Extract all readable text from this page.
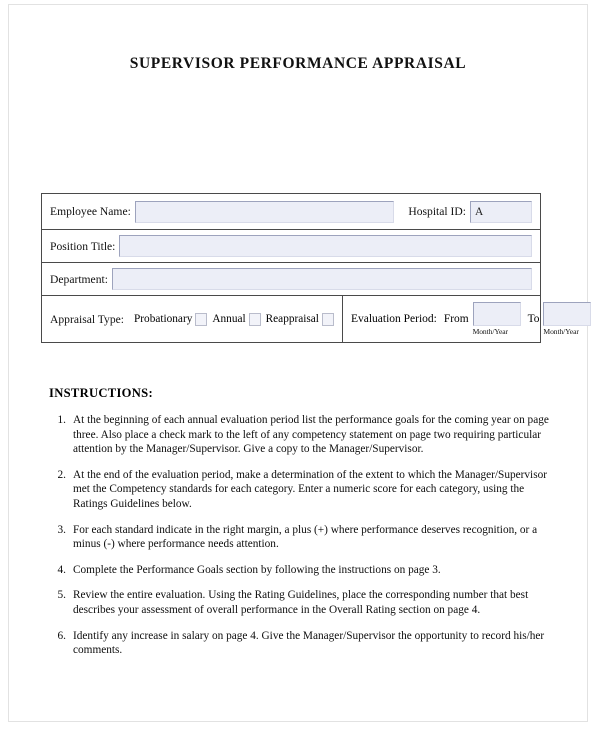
SUPERVISOR PERFORMANCE APPRAISAL
Employee Name:	Hospital ID: A
Position Title:
Department:
Appraisal Type: Probationary Annual Reappraisal	Evaluation Period: From
Month/Year
To
Month/Year
INSTRUCTIONS:
1. At the beginning of each annual evaluation period list the performance goals for the coming year on page three. Also place a check mark to the left of any competency statement on page two requiring particular attention by the Manager/Supervisor. Give a copy to the Manager/Supervisor.
2. At the end of the evaluation period, make a determination of the extent to which the Manager/Supervisor met the Competency standards for each category. Enter a numeric score for each category, using the Ratings Guidelines below.
3. For each standard indicate in the right margin, a plus (+) where performance deserves recognition, or a minus (-) where performance needs attention.
4. Complete the Performance Goals section by following the instructions on page 3.
5. Review the entire evaluation. Using the Rating Guidelines, place the corresponding number that best describes your assessment of overall performance in the Overall Rating section on page 4.
6. Identify any increase in salary on page 4. Give the Manager/Supervisor the opportunity to record his/her comments.
